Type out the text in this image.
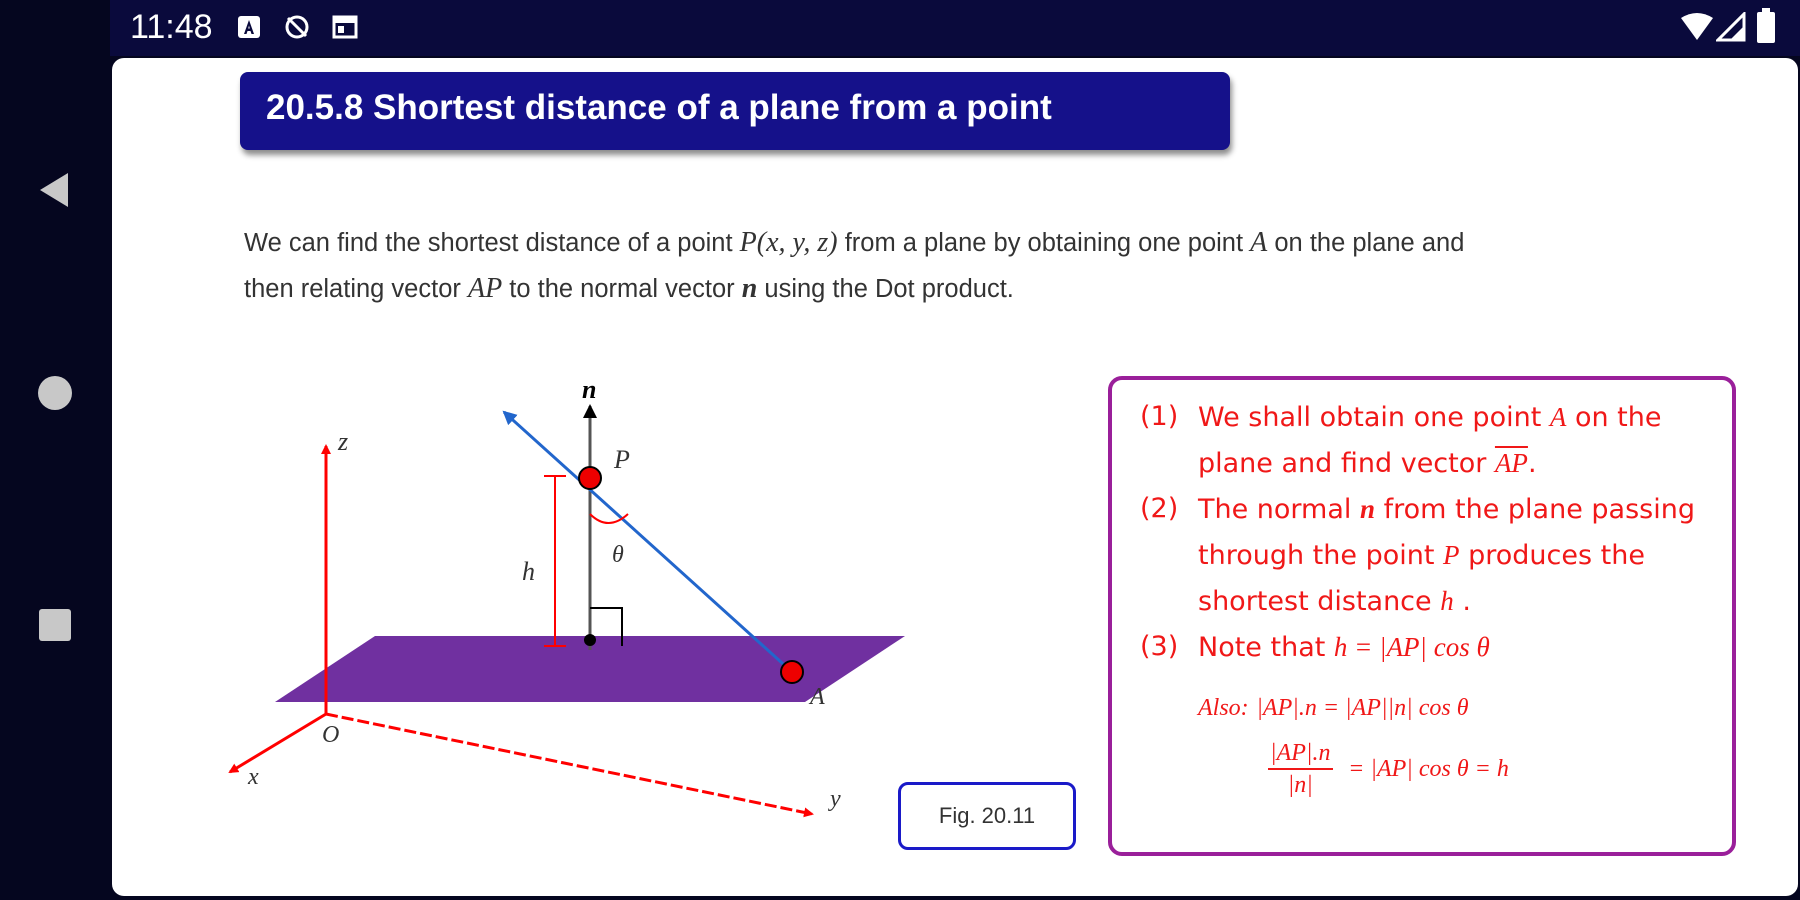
11:48
20.5.8 Shortest distance of a plane from a point
We can find the shortest distance of a point P(x, y, z) from a plane by obtaining one point A on the plane and
then relating vector AP to the normal vector n using the Dot product.
n
P
z
h
θ
O
x
y
A
Fig. 20.11
(1) We shall obtain one point A on the
plane and find vector $\overline{AP}$.
(2) The normal n from the plane passing
through the point P produces the
shortest distance h .
(3) Note that h = |AP| cos θ
Also: |AP|.n = |AP||n| cos θ
$\frac{|AP|.n}{|n|} = |AP|$ cos θ = h
